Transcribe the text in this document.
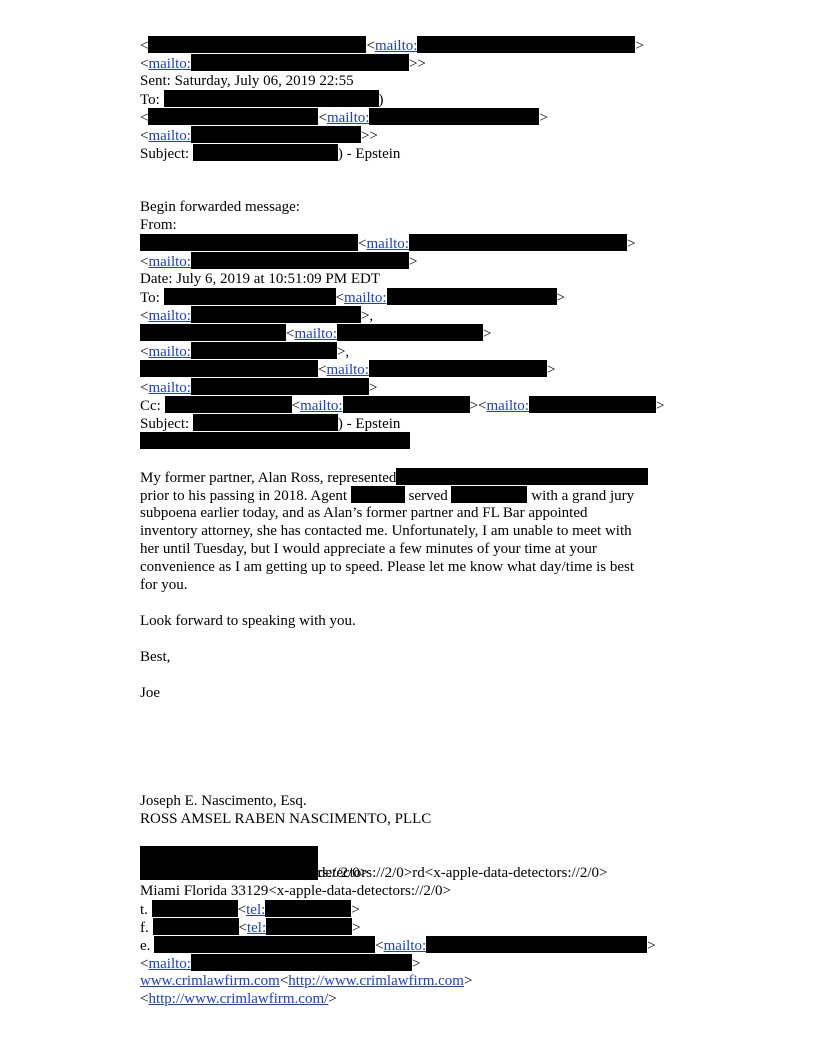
<	<mailto:	>
<mailto:	>>
Sent: Saturday, July 06, 2019 22:55
To:	)
<	<mailto:	>
<mailto:	>>
Subject:	) - Epstein
Begin forwarded message:
From:
<mailto:	>
<mailto:	>
Date: July 6, 2019 at 10:51:09 PM EDT
To:	<mailto:	>
<mailto:	>,
<mailto:	>
<mailto:	>,
<mailto:	>
<mailto:	>
Cc:	<mailto:	><mailto:	>
Subject:	) - Epstein
My former partner, Alan Ross, represented
prior to his passing in 2018. Agent	served	with a grand jury
subpoena earlier today, and as Alan’s former partner and FL Bar appointed
inventory attorney, she has contacted me. Unfortunately, I am unable to meet with
her until Tuesday, but I would appreciate a few minutes of your time at your
convenience as I am getting up to speed. Please let me know what day/time is best
for you.
Look forward to speaking with you.
Best,
Joe
Joseph E. Nascimento, Esq.
ROSS AMSEL RABEN NASCIMENTO, PLLC
detectors://2/0>rd<x-apple-data-detectors://2/0>
Avenue<x-apple-data-detectors://2/0>
Miami Florida 33129<x-apple-data-detectors://2/0>
t.	<tel:	>
f.	<tel:	>
e.	<mailto:	>
<mailto:	>
www.crimlawfirm.com<http://www.crimlawfirm.com>
<http://www.crimlawfirm.com/>
